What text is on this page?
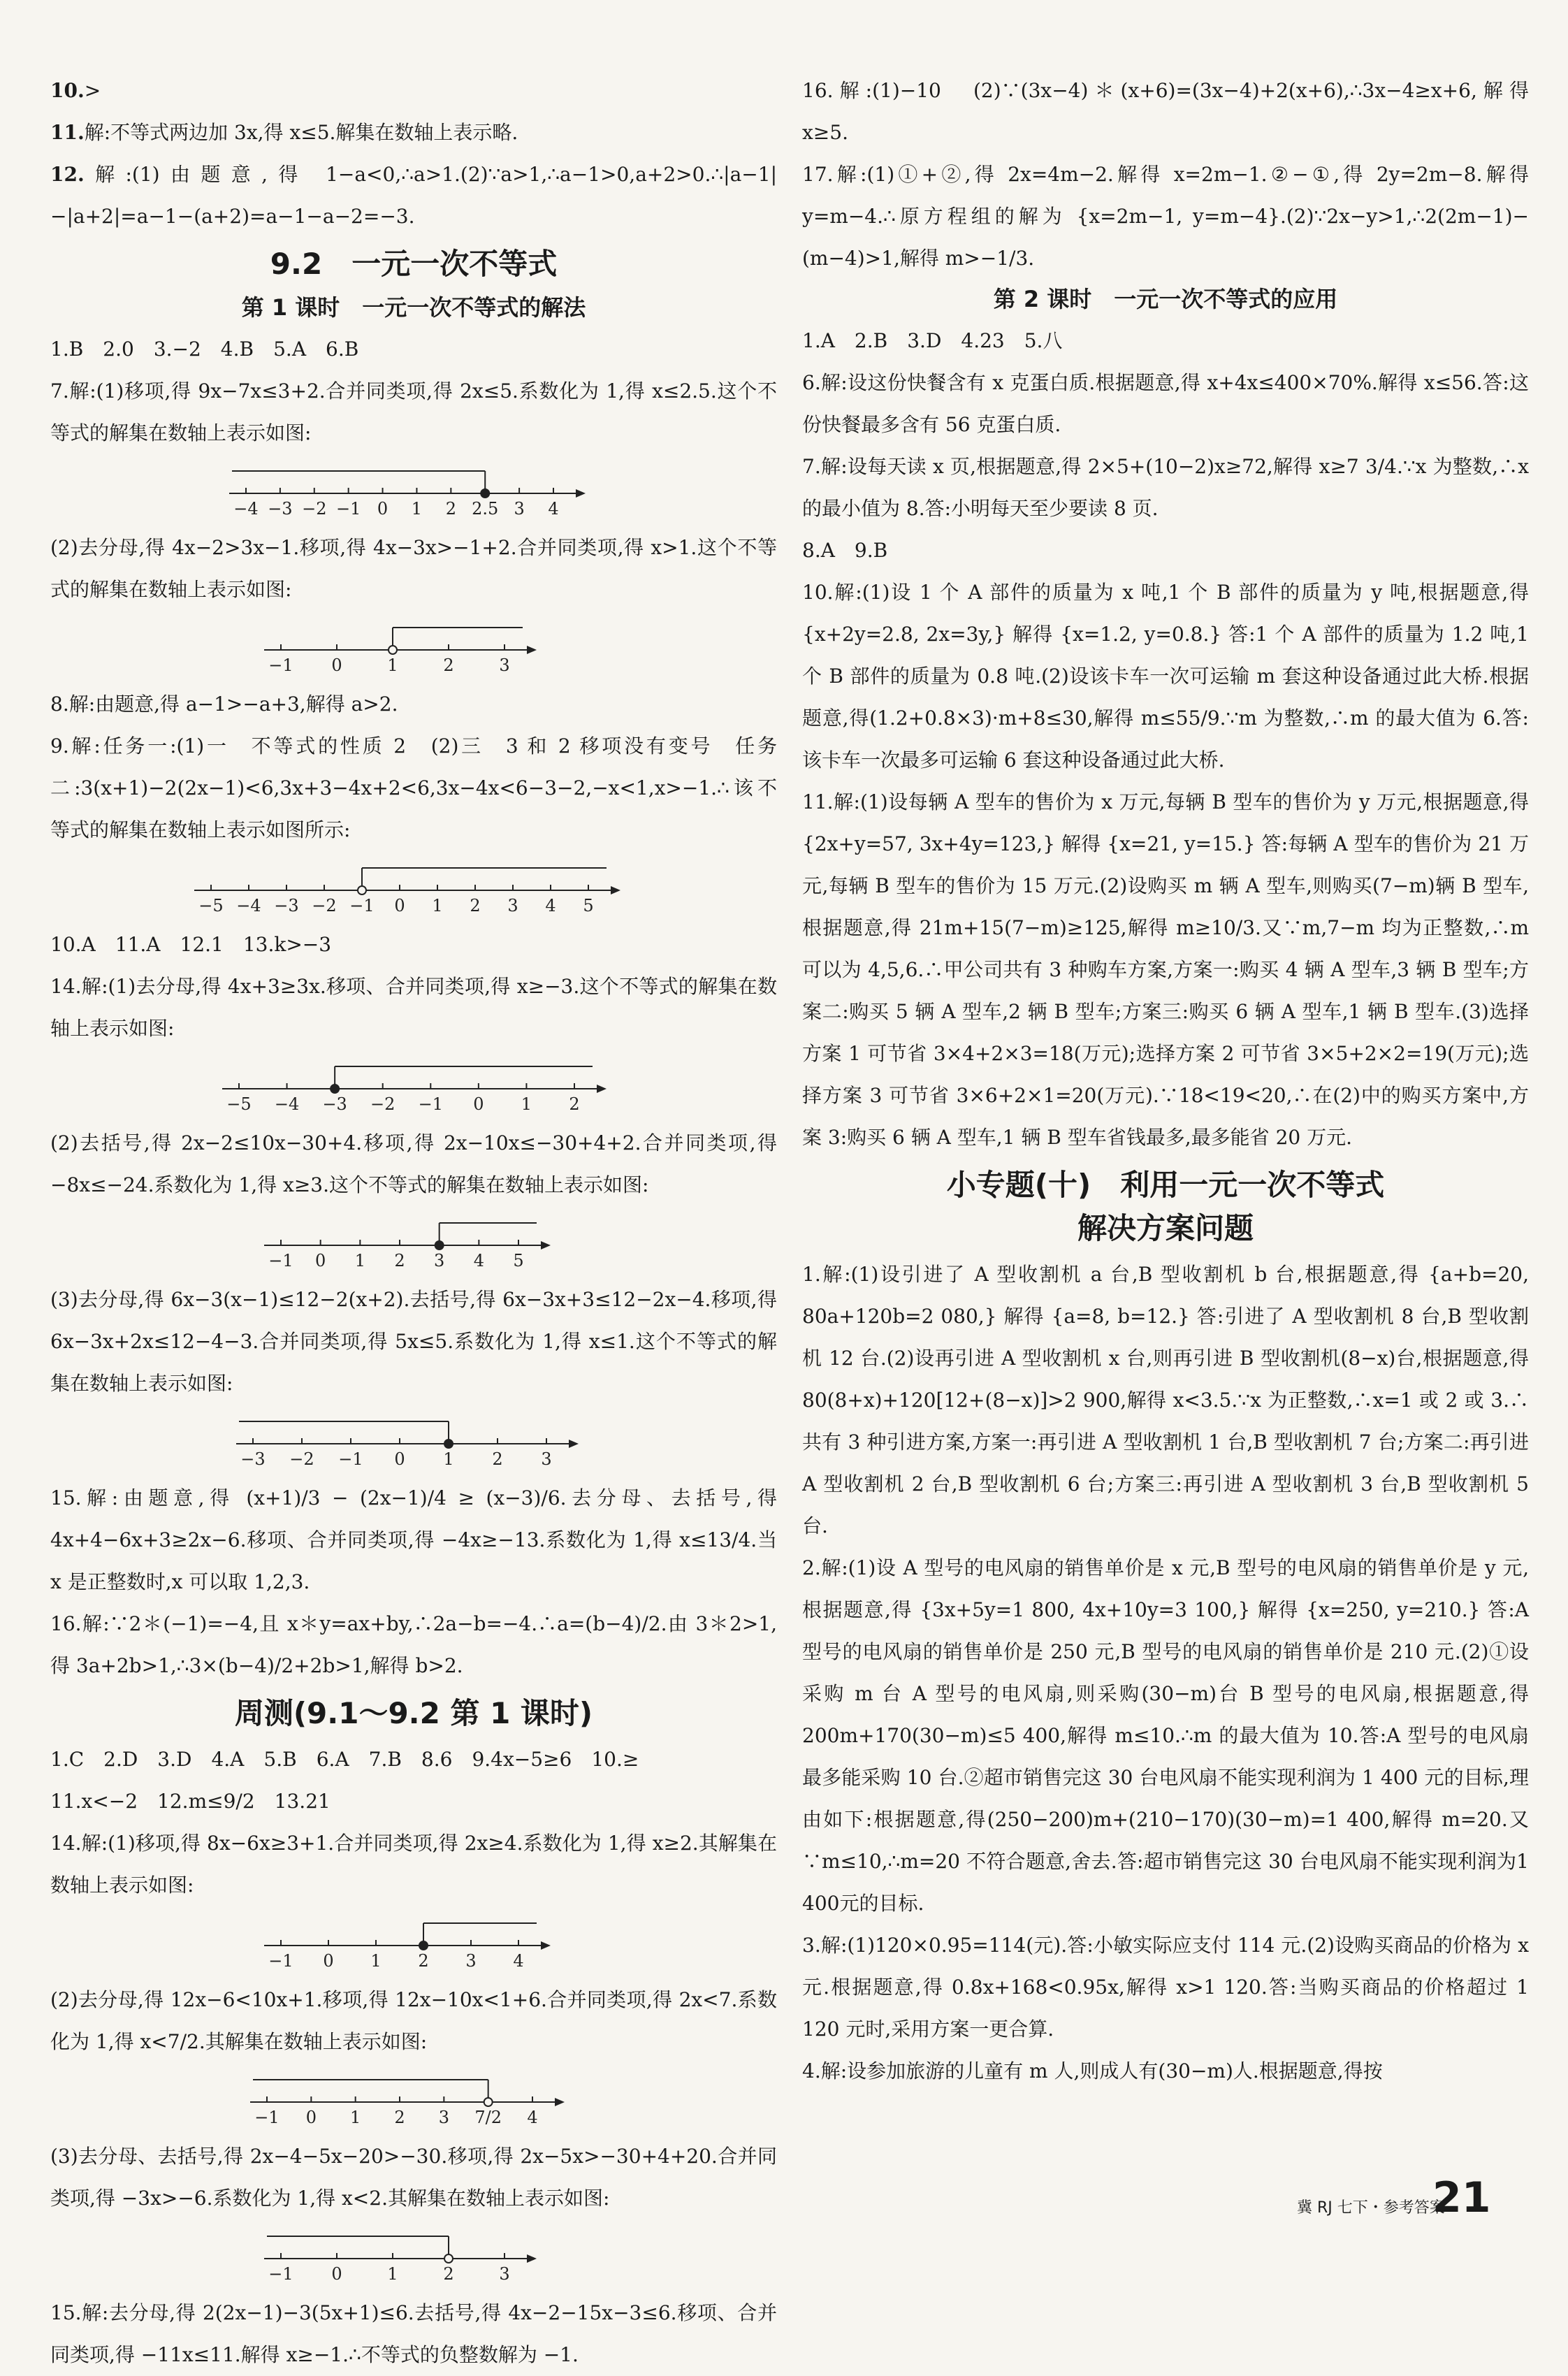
10.>

11.解:不等式两边加 3x,得 x≤5.解集在数轴上表示略.

12.解:(1)由题意,得 1−a<0,∴a>1.(2)∵a>1,∴a−1>0,a+2>0.∴|a−1|−|a+2|=a−1−(a+2)=a−1−a−2=−3.

9.2　一元一次不等式
第 1 课时　一元一次不等式的解法

1.B　2.0　3.−2　4.B　5.A　6.B

7.解:(1)移项,得 9x−7x≤3+2.合并同类项,得 2x≤5.系数化为 1,得 x≤2.5.这个不等式的解集在数轴上表示如图:

−4 −3 −2 −1 0 1 2 2.5 3 4

(2)去分母,得 4x−2>3x−1.移项,得 4x−3x>−1+2.合并同类项,得 x>1.这个不等式的解集在数轴上表示如图:

−1 0	1	2	3

8.解:由题意,得 a−1>−a+3,解得 a>2.

9.解:任务一:(1)一　不等式的性质 2　(2)三　3 和 2 移项没有变号　任务二:3(x+1)−2(2x−1)<6,3x+3−4x+2<6,3x−4x<6−3−2,−x<1,x>−1.∴该不等式的解集在数轴上表示如图所示:

−5 −4 −3 −2 −1 0 1 2 3 4 5

10.A　11.A　12.1　13.k>−3

14.解:(1)去分母,得 4x+3≥3x.移项、合并同类项,得 x≥−3.这个不等式的解集在数轴上表示如图:

−5 −4 −3 −2 −1 0 1 2

(2)去括号,得 2x−2≤10x−30+4.移项,得 2x−10x≤−30+4+2.合并同类项,得 −8x≤−24.系数化为 1,得 x≥3.这个不等式的解集在数轴上表示如图:

−1 0 1 2 3 4 5

(3)去分母,得 6x−3(x−1)≤12−2(x+2).去括号,得 6x−3x+3≤12−2x−4.移项,得 6x−3x+2x≤12−4−3.合并同类项,得 5x≤5.系数化为 1,得 x≤1.这个不等式的解集在数轴上表示如图:

−3 −2 −1 0 1 2 3

15.解:由题意,得 (x+1)/3 − (2x−1)/4 ≥ (x−3)/6.去分母、去括号,得 4x+4−6x+3≥2x−6.移项、合并同类项,得 −4x≥−13.系数化为 1,得 x≤13/4.当 x 是正整数时,x 可以取 1,2,3.

16.解:∵2＊(−1)=−4,且 x＊y=ax+by,∴2a−b=−4.∴a=(b−4)/2.由 3＊2>1,得 3a+2b>1,∴3×(b−4)/2+2b>1,解得 b>2.

周测(9.1～9.2 第 1 课时)

1.C　2.D　3.D　4.A　5.B　6.A　7.B　8.6　9.4x−5≥6　10.≥

11.x<−2　12.m≤9/2　13.21

14.解:(1)移项,得 8x−6x≥3+1.合并同类项,得 2x≥4.系数化为 1,得 x≥2.其解集在数轴上表示如图:

−1 0 1 2 3 4

(2)去分母,得 12x−6<10x+1.移项,得 12x−10x<1+6.合并同类项,得 2x<7.系数化为 1,得 x<7/2.其解集在数轴上表示如图:

−1 0 1 2 3 7/2 4

(3)去分母、去括号,得 2x−4−5x−20>−30.移项,得 2x−5x>−30+4+20.合并同类项,得 −3x>−6.系数化为 1,得 x<2.其解集在数轴上表示如图:

−1 0	1	2	3

15.解:去分母,得 2(2x−1)−3(5x+1)≤6.去括号,得 4x−2−15x−3≤6.移项、合并同类项,得 −11x≤11.解得 x≥−1.∴不等式的负整数解为 −1.

16.解:(1)−10　(2)∵(3x−4)＊(x+6)=(3x−4)+2(x+6),∴3x−4≥x+6,解得 x≥5.

17.解:(1)①+②,得 2x=4m−2.解得 x=2m−1.②−①,得 2y=2m−8.解得 y=m−4.∴原方程组的解为 {x=2m−1, y=m−4}.(2)∵2x−y>1,∴2(2m−1)−(m−4)>1,解得 m>−1/3.

第 2 课时　一元一次不等式的应用

1.A　2.B　3.D　4.23　5.八

6.解:设这份快餐含有 x 克蛋白质.根据题意,得 x+4x≤400×70%.解得 x≤56.答:这份快餐最多含有 56 克蛋白质.

7.解:设每天读 x 页,根据题意,得 2×5+(10−2)x≥72,解得 x≥7 3/4.∵x 为整数,∴x 的最小值为 8.答:小明每天至少要读 8 页.

8.A　9.B

10.解:(1)设 1 个 A 部件的质量为 x 吨,1 个 B 部件的质量为 y 吨,根据题意,得 {x+2y=2.8, 2x=3y,} 解得 {x=1.2, y=0.8.} 答:1 个 A 部件的质量为 1.2 吨,1 个 B 部件的质量为 0.8 吨.(2)设该卡车一次可运输 m 套这种设备通过此大桥.根据题意,得(1.2+0.8×3)·m+8≤30,解得 m≤55/9.∵m 为整数,∴m 的最大值为 6.答:该卡车一次最多可运输 6 套这种设备通过此大桥.

11.解:(1)设每辆 A 型车的售价为 x 万元,每辆 B 型车的售价为 y 万元,根据题意,得 {2x+y=57, 3x+4y=123,} 解得 {x=21, y=15.} 答:每辆 A 型车的售价为 21 万元,每辆 B 型车的售价为 15 万元.(2)设购买 m 辆 A 型车,则购买(7−m)辆 B 型车,根据题意,得 21m+15(7−m)≥125,解得 m≥10/3.又∵m,7−m 均为正整数,∴m 可以为 4,5,6.∴甲公司共有 3 种购车方案,方案一:购买 4 辆 A 型车,3 辆 B 型车;方案二:购买 5 辆 A 型车,2 辆 B 型车;方案三:购买 6 辆 A 型车,1 辆 B 型车.(3)选择方案 1 可节省 3×4+2×3=18(万元);选择方案 2 可节省 3×5+2×2=19(万元);选择方案 3 可节省 3×6+2×1=20(万元).∵18<19<20,∴在(2)中的购买方案中,方案 3:购买 6 辆 A 型车,1 辆 B 型车省钱最多,最多能省 20 万元.

小专题(十)　利用一元一次不等式
解决方案问题

1.解:(1)设引进了 A 型收割机 a 台,B 型收割机 b 台,根据题意,得 {a+b=20, 80a+120b=2 080,} 解得 {a=8, b=12.} 答:引进了 A 型收割机 8 台,B 型收割机 12 台.(2)设再引进 A 型收割机 x 台,则再引进 B 型收割机(8−x)台,根据题意,得 80(8+x)+120[12+(8−x)]>2 900,解得 x<3.5.∵x 为正整数,∴x=1 或 2 或 3.∴共有 3 种引进方案,方案一:再引进 A 型收割机 1 台,B 型收割机 7 台;方案二:再引进 A 型收割机 2 台,B 型收割机 6 台;方案三:再引进 A 型收割机 3 台,B 型收割机 5 台.

2.解:(1)设 A 型号的电风扇的销售单价是 x 元,B 型号的电风扇的销售单价是 y 元,根据题意,得 {3x+5y=1 800, 4x+10y=3 100,} 解得 {x=250, y=210.} 答:A 型号的电风扇的销售单价是 250 元,B 型号的电风扇的销售单价是 210 元.(2)①设采购 m 台 A 型号的电风扇,则采购(30−m)台 B 型号的电风扇,根据题意,得 200m+170(30−m)≤5 400,解得 m≤10.∴m 的最大值为 10.答:A 型号的电风扇最多能采购 10 台.②超市销售完这 30 台电风扇不能实现利润为 1 400 元的目标,理由如下:根据题意,得(250−200)m+(210−170)(30−m)=1 400,解得 m=20.又∵m≤10,∴m=20 不符合题意,舍去.答:超市销售完这 30 台电风扇不能实现利润为1 400元的目标.

3.解:(1)120×0.95=114(元).答:小敏实际应支付 114 元.(2)设购买商品的价格为 x 元.根据题意,得 0.8x+168<0.95x,解得 x>1 120.答:当购买商品的价格超过 1 120 元时,采用方案一更合算.

4.解:设参加旅游的儿童有 m 人,则成人有(30−m)人.根据题意,得按

冀 RJ 七下・参考答案
21
